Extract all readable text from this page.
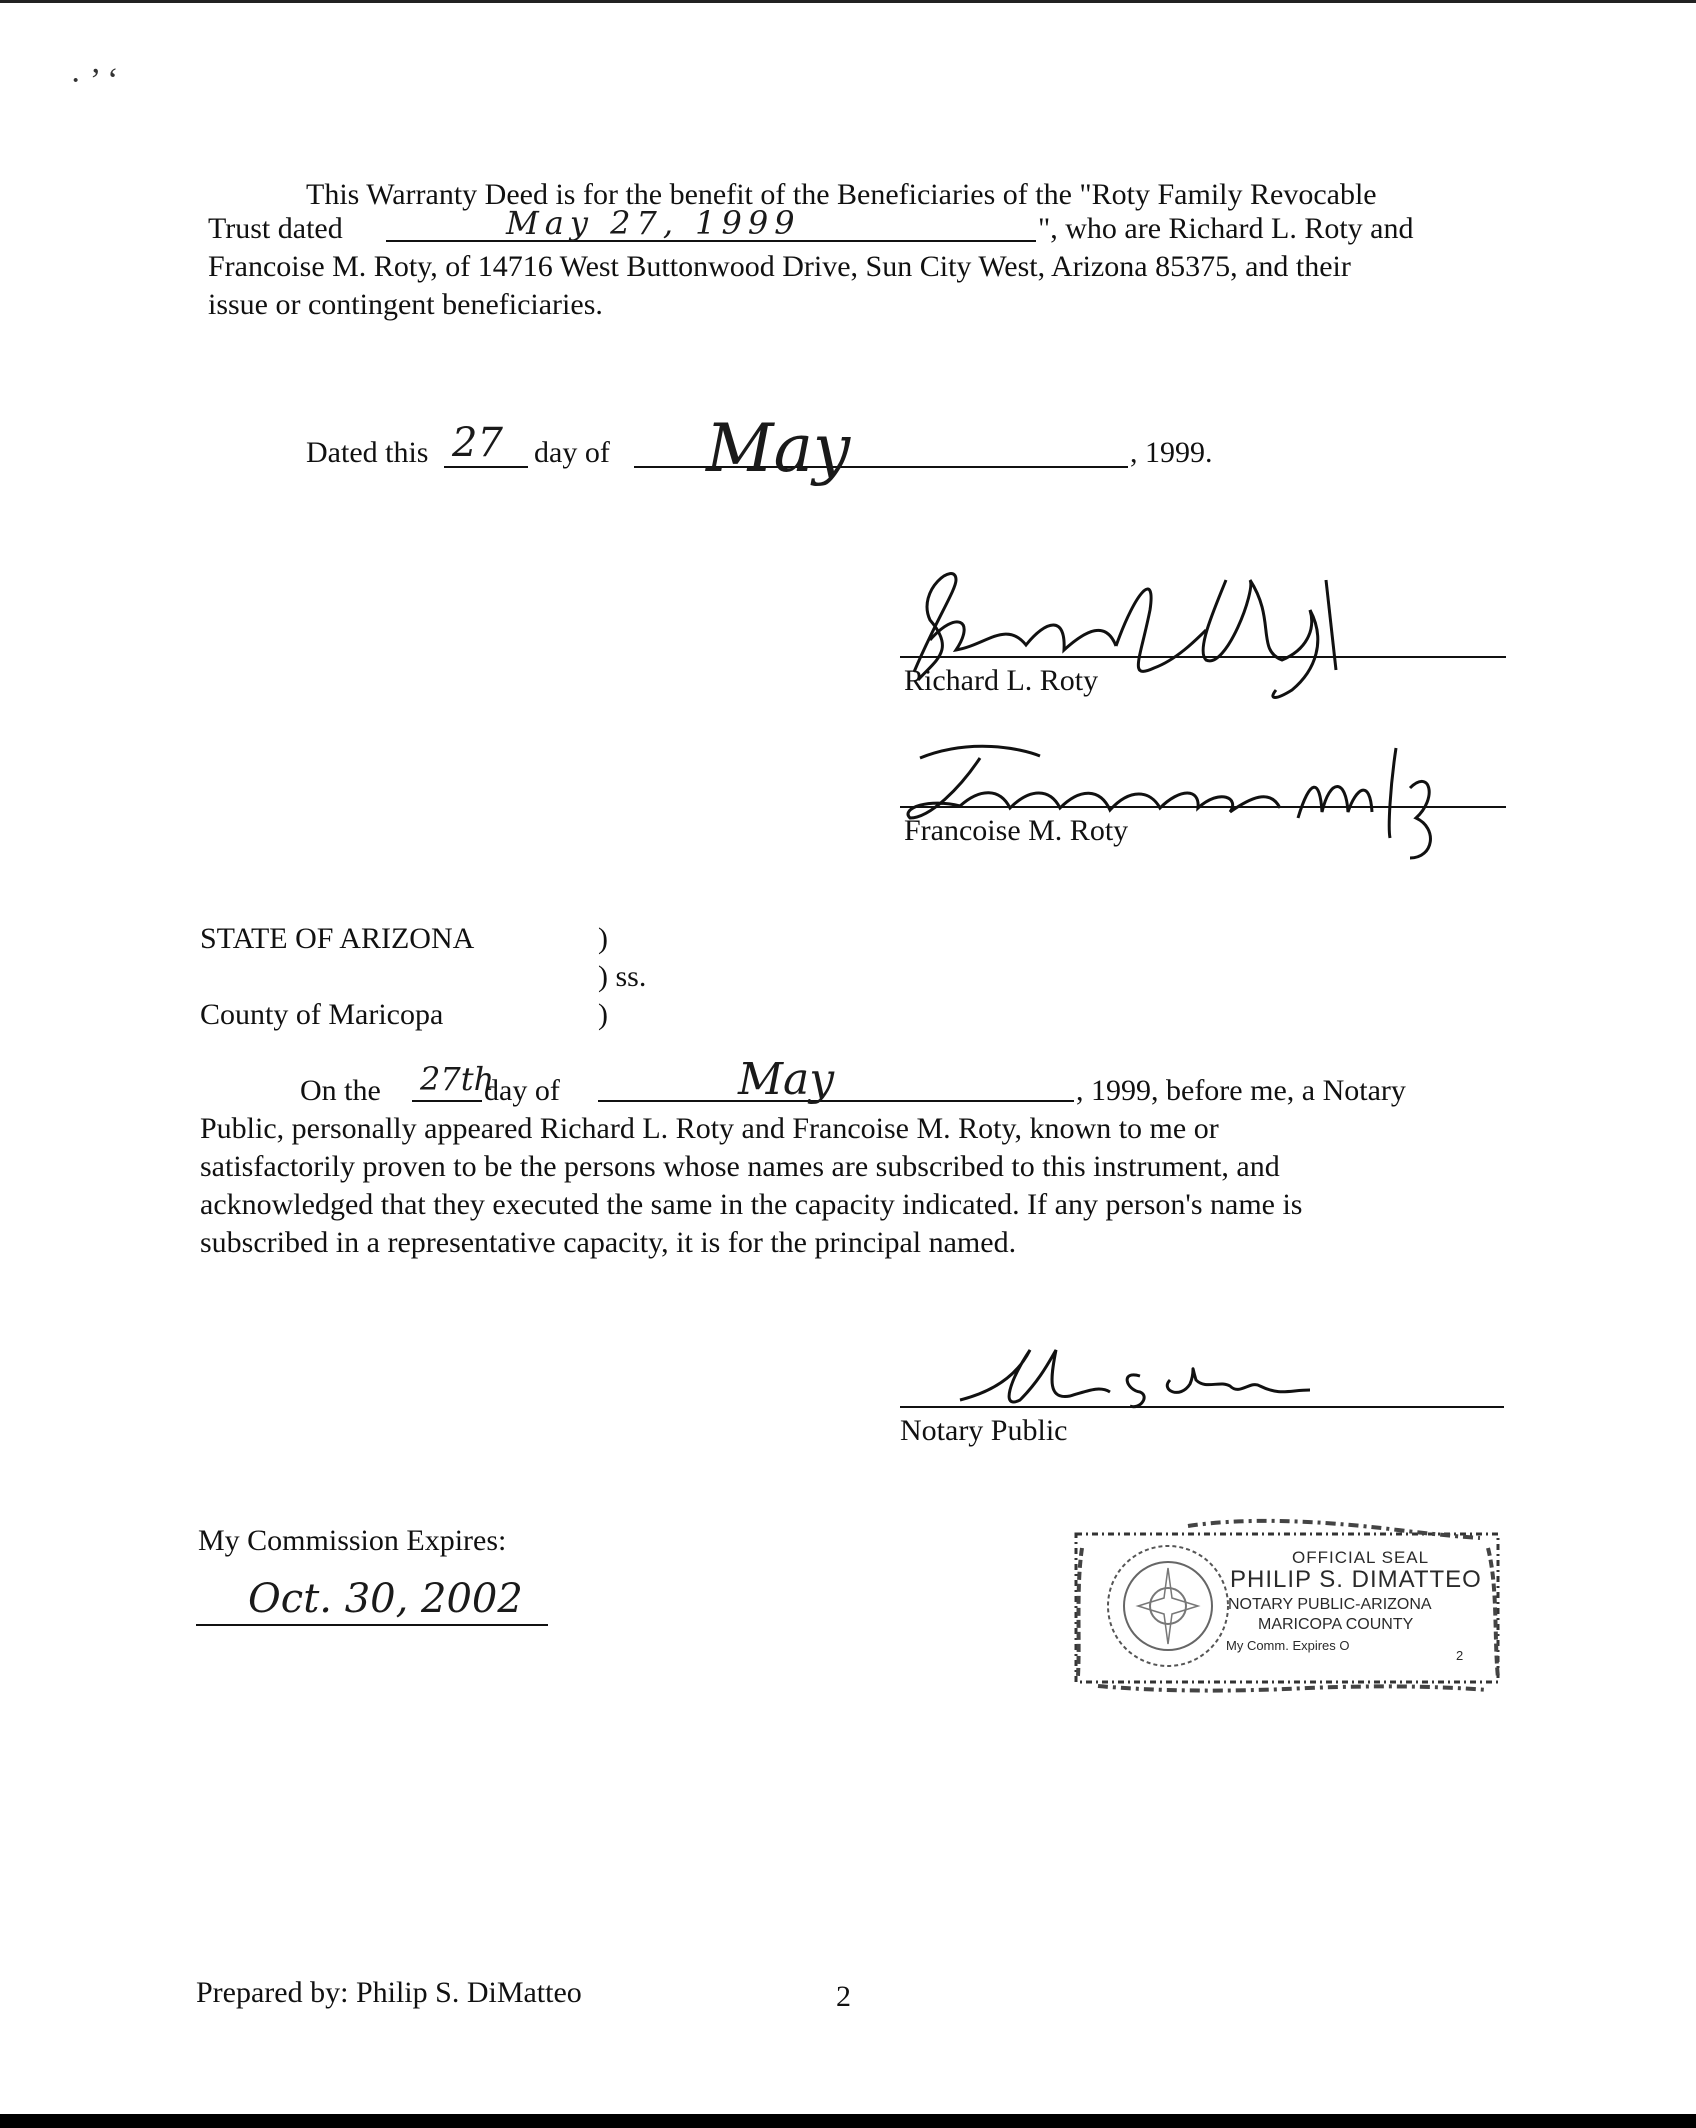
· ’ ‘
This Warranty Deed is for the benefit of the Beneficiaries of the "Roty Family Revocable
Trust dated	May 27, 1999	", who are Richard L. Roty and
Francoise M. Roty, of 14716 West Buttonwood Drive, Sun City West, Arizona 85375, and their
issue or contingent beneficiaries.
Dated this 27 day of May	, 1999.
Richard L. Roty
Francoise M. Roty
STATE OF ARIZONA	)
) ss.
County of Maricopa	)
On the 27th
day of	May	, 1999, before me, a Notary
Public, personally appeared Richard L. Roty and Francoise M. Roty, known to me or
satisfactorily proven to be the persons whose names are subscribed to this instrument, and
acknowledged that they executed the same in the capacity indicated. If any person's name is
subscribed in a representative capacity, it is for the principal named.
Notary Public
My Commission Expires:
Oct. 30, 2002
OFFICIAL SEAL
PHILIP S. DIMATTEO
NOTARY PUBLIC-ARIZONA
MARICOPA COUNTY
My Comm. Expires O
2
Prepared by: Philip S. DiMatteo	2
